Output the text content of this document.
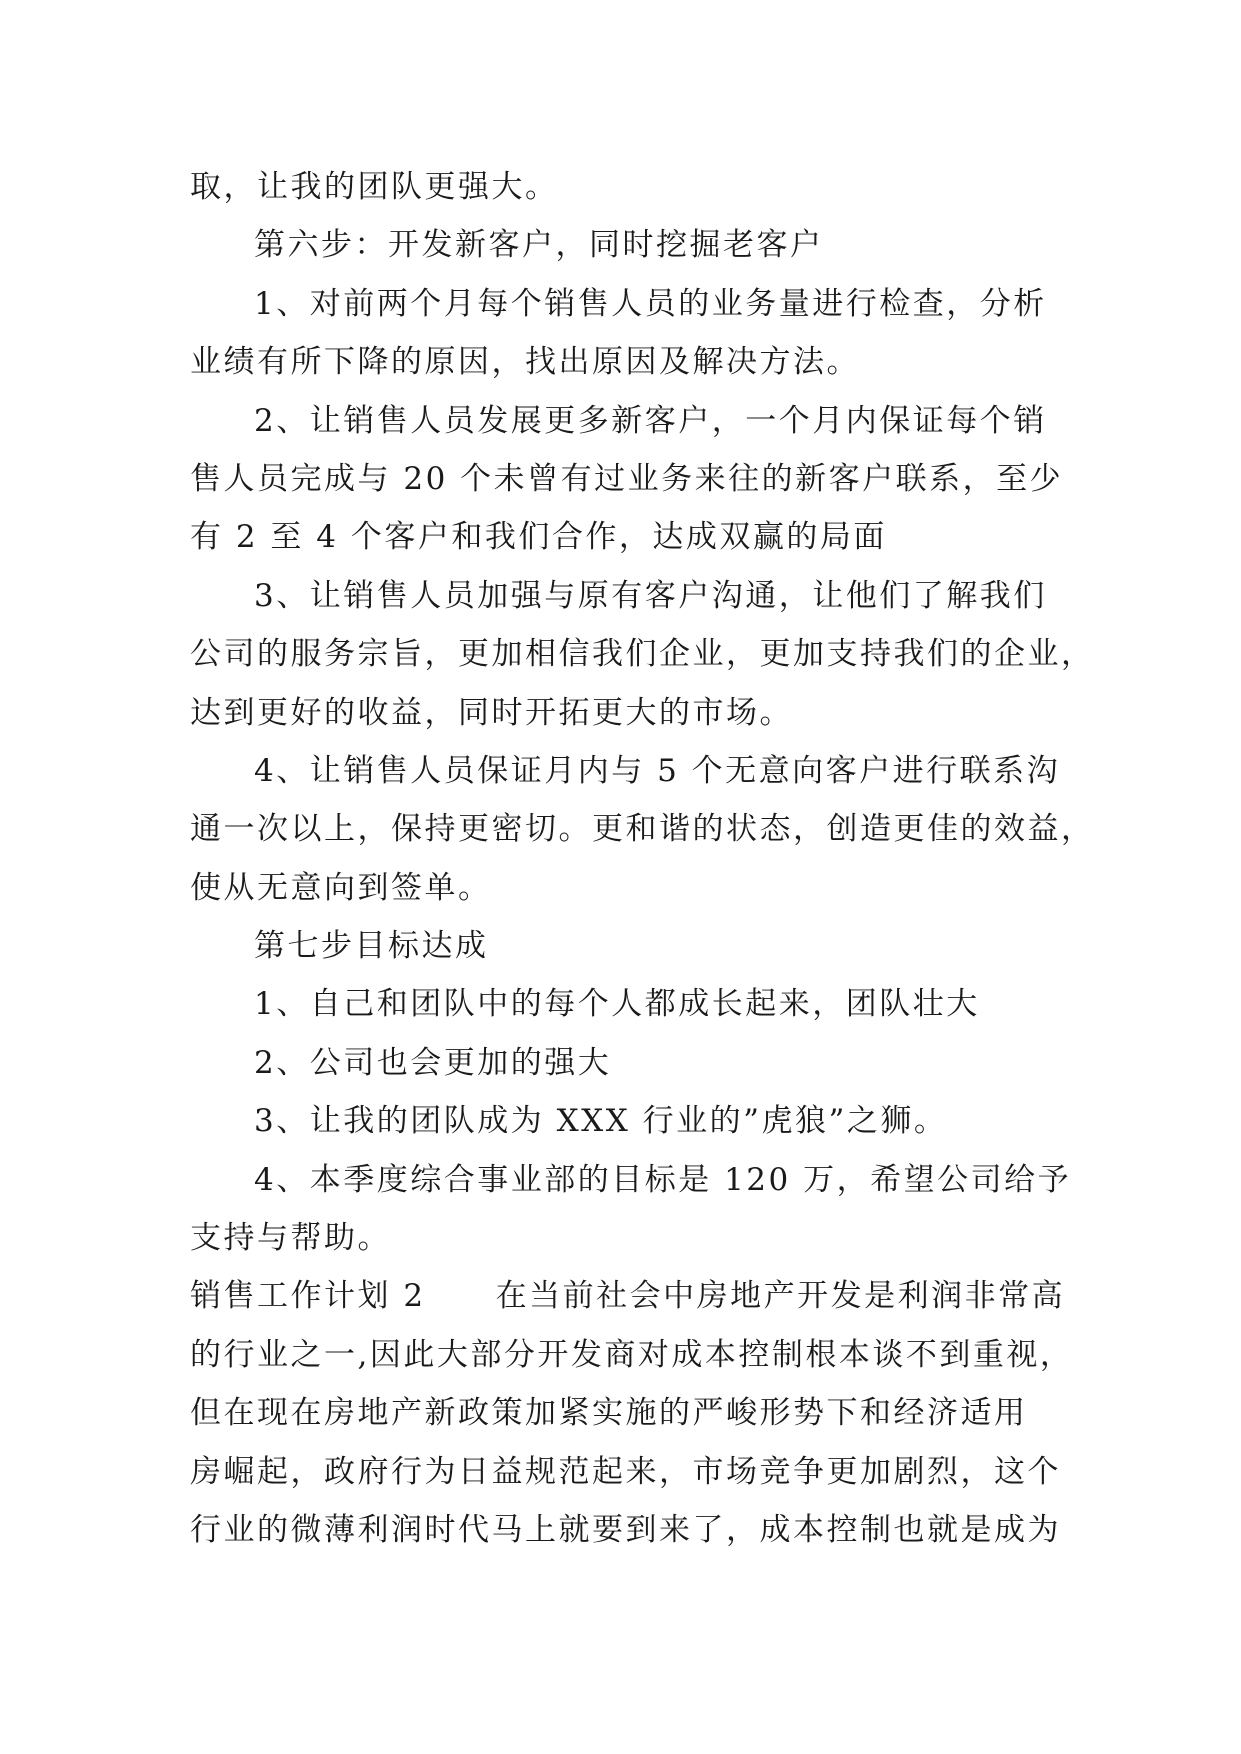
取，让我的团队更强大。
第六步：开发新客户，同时挖掘老客户
1、对前两个月每个销售人员的业务量进行检查，分析
业绩有所下降的原因，找出原因及解决方法。
2、让销售人员发展更多新客户，一个月内保证每个销
售人员完成与 20 个未曾有过业务来往的新客户联系，至少
有 2 至 4 个客户和我们合作，达成双赢的局面
3、让销售人员加强与原有客户沟通，让他们了解我们
公司的服务宗旨，更加相信我们企业，更加支持我们的企业，
达到更好的收益，同时开拓更大的市场。
4、让销售人员保证月内与 5 个无意向客户进行联系沟
通一次以上，保持更密切。更和谐的状态，创造更佳的效益，
使从无意向到签单。
第七步目标达成
1、自己和团队中的每个人都成长起来，团队壮大
2、公司也会更加的强大
3、让我的团队成为 XXX 行业的”虎狼”之狮。
4、本季度综合事业部的目标是 120 万，希望公司给予
支持与帮助。
销售工作计划 2 在当前社会中房地产开发是利润非常高
的行业之一,因此大部分开发商对成本控制根本谈不到重视，
但在现在房地产新政策加紧实施的严峻形势下和经济适用
房崛起，政府行为日益规范起来，市场竞争更加剧烈，这个
行业的微薄利润时代马上就要到来了，成本控制也就是成为
